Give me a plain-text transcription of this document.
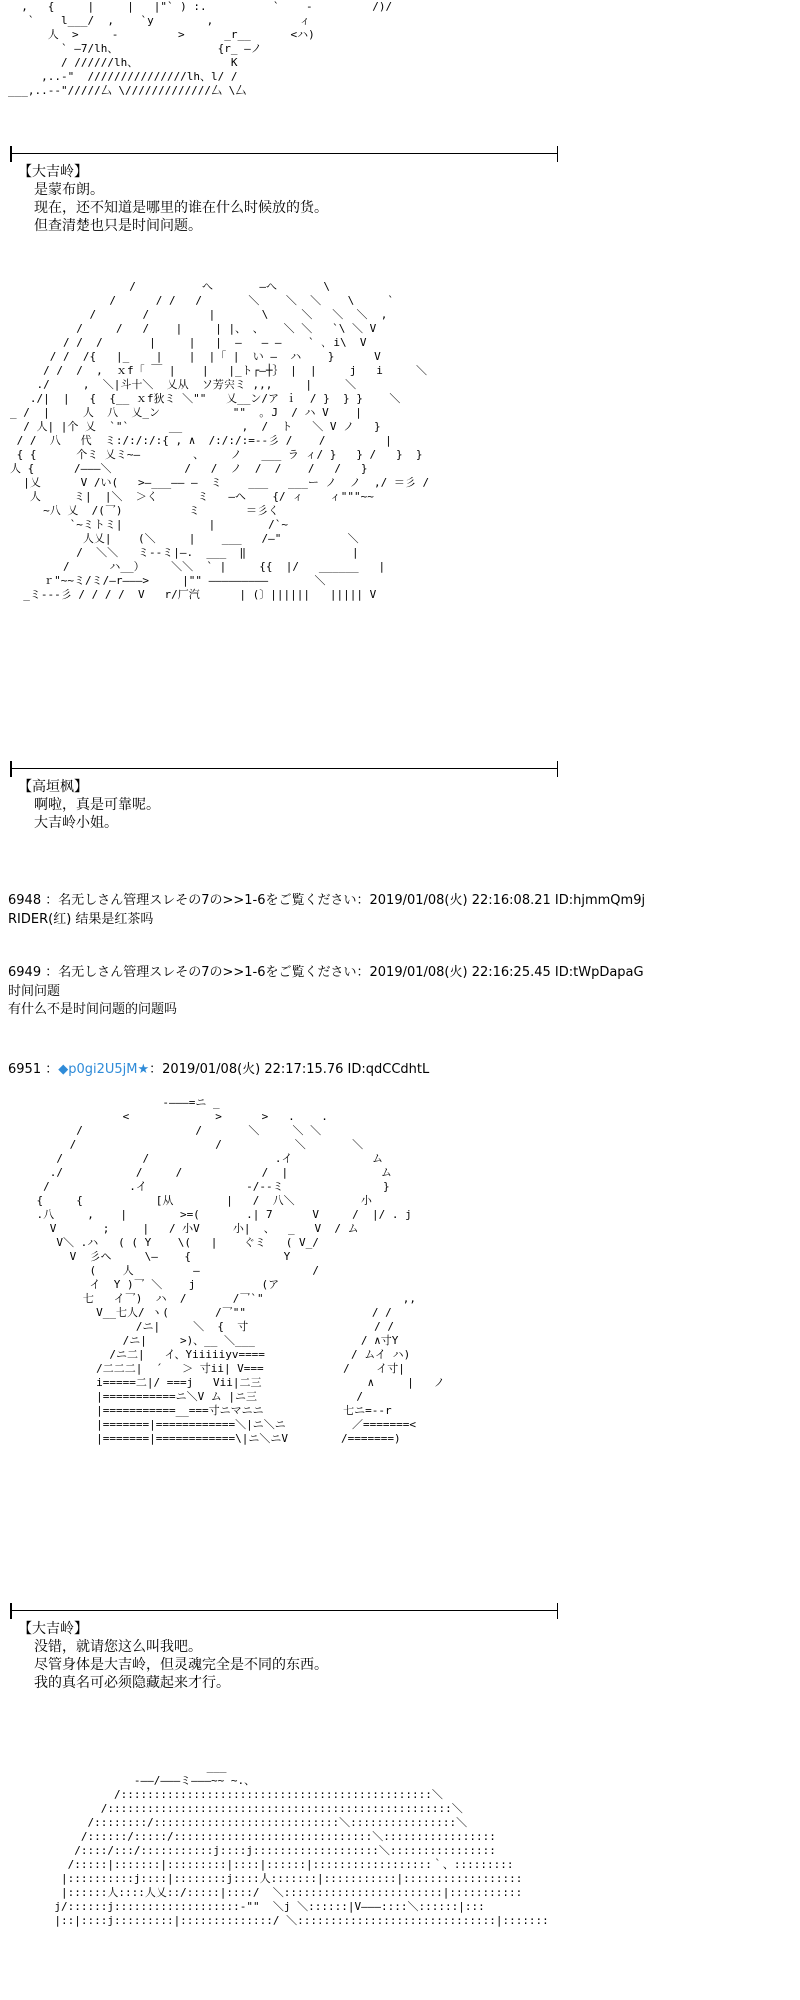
,   {     |     |   |"` ) :.          `    -         /)/
`    l___/  ,    `y        ,             ィ
人  >     -         >      _r__      <ハ)
` ―7/lh、               {r_ ―ノ
/ //////lh、              K
,..-"  ///////////////lh、l/ /
___,..--"/////厶 \/////////////厶 \厶
【大吉岭】
是蒙布朗。
现在，还不知道是哪里的谁在什么时候放的货。
但查清楚也只是时间问题。
/          へ       ―へ       \
/      / /   /       ＼    ＼  ＼    \     `
/       /         |       \     ＼   ＼  ＼  ,
/     /   /    |     | |、 、   ＼ ＼   `\ ＼ V
/ /  /       |     |   |  ―   ― ―    ` ､ i\  V
/ /  /{   |_    |    |  |「 |  い ―  ハ    }      V
/ /  /  ,  ｘf「 ￣ |    |   |_ト┌―┼｝ |  |     j   i     ＼
./     ,  ＼|斗十＼  乂从  ソ芳宍ミ ,,,     |     ＼
./|  |   {  {__ ｘf狄ミ ＼""   乂__ン/ア ｉ  / }  } }    ＼
_ /  |     人  八  乂_ン           ""  ｡ J  / ハ V    |
/ 人| |个 乂  `"`      __         ,  /  ト   ＼ V ノ   }
/ /  八   代  ミ:/:/:/:{ , ∧  /:/:/:=--彡 /    /         |
{ {      个ミ 乂ミ~―        、    ノ   ___ ラ ィ/ }   } /   }  }
人 {      /―――＼           /   /  ノ  /  /    /   /   }
|乂      V /い(   >―___―― ―  ミ    ___   ___ー ノ  ノ  ,/ ＝彡 /
人     ミ|  |＼  ＞く      ミ   ―ヘ    {/ ィ    ィ"""~~
~八 乂  /(乛)          ミ       ＝彡く
`~ミトミ|             |        /`~
人乂|    (＼     |    ___   /―"          ＼
/  ＼＼   ミ--ミ|―.  ___  ‖                |
/      ハ__）    ＼＼  ` |     {{  |/   ______   |
ｒ"~~ミ/ミ/―r―――>     |"" ―――――――――       ＼
_ミ---彡 / / / /  V   r/厂汽      | (〕||||||   ||||| V
【高垣枫】
啊啦，真是可靠呢。
大吉岭小姐。
6948 ：名无しさん管理スレその7の>>1-6をご覧ください：2019/01/08(火) 22:16:08.21 ID:hjmmQm9j
RIDER(红) 结果是红茶吗
6949 ：名无しさん管理スレその7の>>1-6をご覧ください：2019/01/08(火) 22:16:25.45 ID:tWpDapaG
时间问题
有什么不是时间问题的问题吗
6951 ：◆p0gi2U5jM★：2019/01/08(火) 22:17:15.76 ID:qdCCdhtL
-―――=ニ _
<             >      >   .    .
/                 /       ＼     ＼ ＼
/                     /           ＼       ＼
/            /                   .イ            ム
./           /     /            /  |              ム
/            .イ               -/--ミ               }
{     {           [从        |   /  八＼          小
.八     ,    |        >=(       .| 7      V     /  |/ . j
V       ;     |   / 小V     小|  、  _   V  / ム
V＼ .ハ   ( ( Y    \(   |    ぐミ   ( V_/
V  彡ヘ     \―    {              Y
(    人         ―                 /
イ  Y )乛 ＼    j          (ア
七   イ乛)  ハ  /       /乛`"                     ,,
V__七人/ ヽ(       /乛""                   / /
/ニ|     ＼  {  寸                   / /
/ニ|     >)、__ ＼___                / ∧寸Y
/ニ二|   イ、Yiiiiiyv====             / ムイ ハ)
/二二二|  ´   ＞ 寸ii| V===            /    イ寸|
i=====二|/ ===j   Vii|二三                ∧     |   ノ
|===========ニ＼V ム |ニ三               /
|===========__===寸ニマニニ            七ニ=--r
|=======|============＼|ニ＼ニ          ／=======<
|=======|============\|ニ＼ニV        /=======)
【大吉岭】
没错，就请您这么叫我吧。
尽管身体是大吉岭，但灵魂完全是不同的东西。
我的真名可必须隐藏起来才行。
___
-――/―――ミ―――~~ ~.、
/:::::::::::::::::::::::::::::::::::::::::::::::＼
/::::::::::::::::::::::::::::::::::::::::::::::::::::＼
/::::::::/::::::::::::::::::::::::::::＼::::::::::::::::＼
/::::::/:::::/::::::::::::::::::::::::::::::＼:::::::::::::::::
/::::/:::/:::::::::::j::::j:::::::::::::::::::＼::::::::::::::::
/:::::|:::::::|:::::::::|::::|::::::|::::::::::::::::::｀、:::::::::
|::::::::::j::::|::::::::j::::人:::::::|:::::::::::|::::::::::::::::::
|::::::人::::人乂::/:::::|::::/  ＼::::::::::::::::::::::::|:::::::::::
j/::::::j:::::::::::::::::::-""  ＼j ＼::::::|V―――::::＼::::::|:::
|::|::::j:::::::::|::::::::::::::/ ＼::::::::::::::::::::::::::::::|:::::::
